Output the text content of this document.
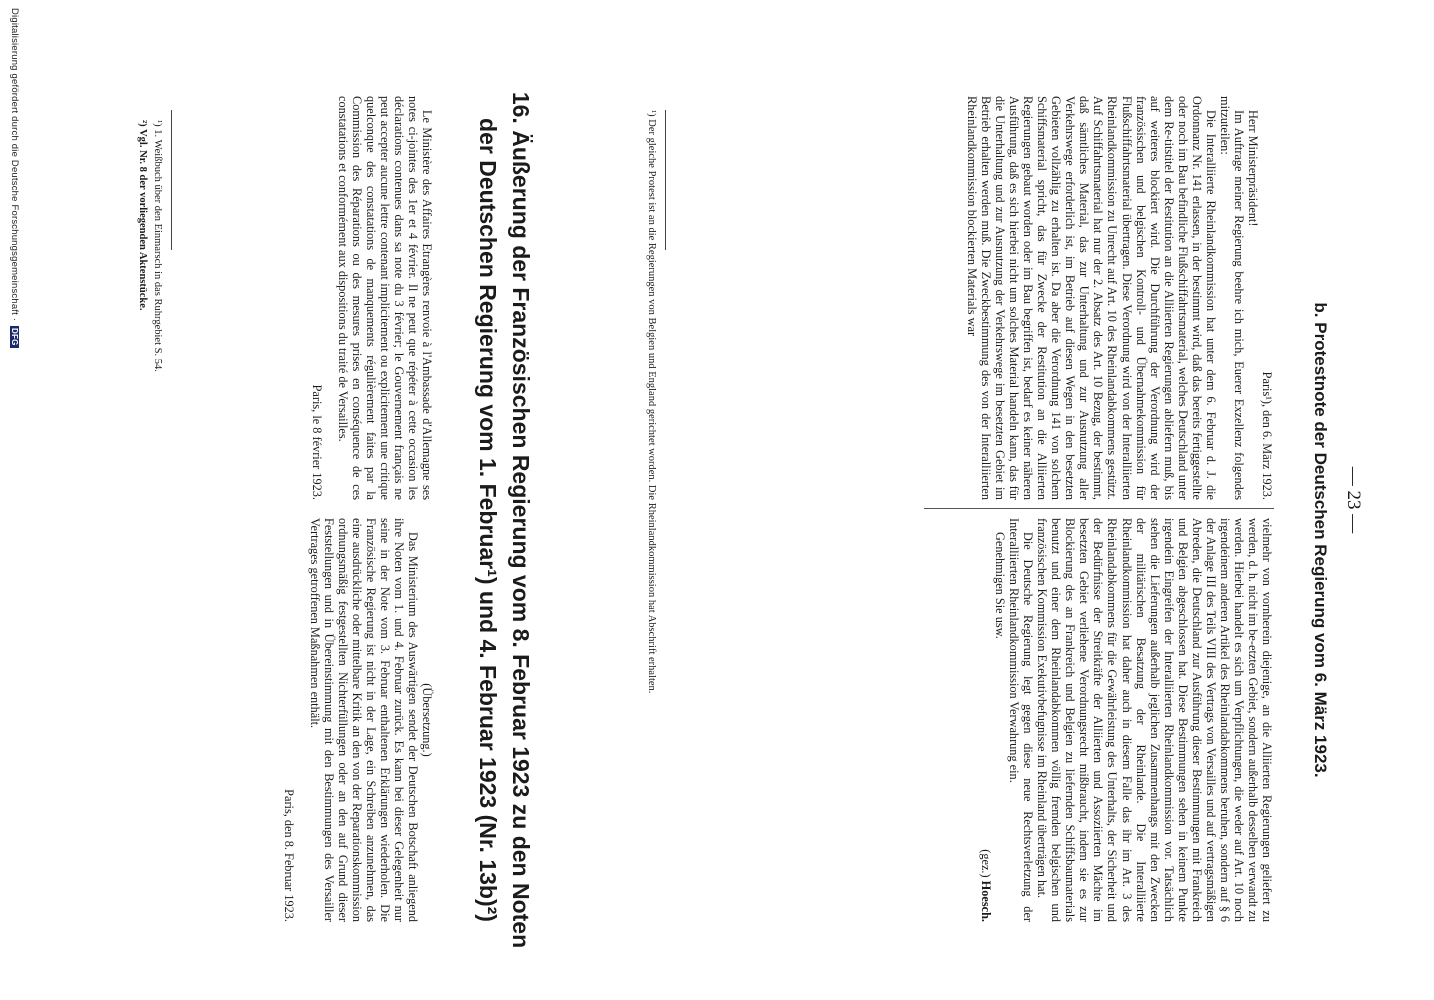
— 23 —
b. Protestnote der Deutschen Regierung vom 6. März 1923.

Paris¹), den 6. März 1923.

Herr Ministerpräsident!

Im Auftrage meiner Regierung beehre ich mich, Euerer Exzellenz folgendes mitzuteilen:

Die Interalliierte Rheinlandkommission hat unter dem 6. Februar d. J. die Ordonnanz Nr. 141 erlassen, in der bestimmt wird, daß das bereits fertiggestellte oder noch im Bau befindliche Flußschiffahrtsmaterial, welches Deutschland unter dem Re-titstitel der Restitution an die Alliierten Regierungen abliefern muß, bis auf weiteres blockiert wird. Die Durchführung der Verordnung wird der französischen und belgischen Kontroll- und Übernahmekommission für Flußschiffahrtsmaterial übertragen. Diese Verordnung wird von der Interalliierten Rheinlandkommission zu Unrecht auf Art. 10 des Rheinlandabkommens gestützt. Auf Schiffahrtsmaterial hat nur der 2. Absatz des Art. 10 Bezug, der bestimmt, daß sämtliches Material, das zur Unterhaltung und zur Ausnutzung aller Verkehrswege erforderlich ist, im Betrieb auf diesen Wegen in den besetzten Gebieten vollzählig zu erhalten ist. Da aber die Verordnung 141 von solchem Schiffsmaterial spricht, das für Zwecke der Restitution an die Alliierten Regierungen gebaut worden oder im Bau begriffen ist, bedarf es keiner näheren Ausführung, daß es sich hierbei nicht um solches Material handeln kann, das für die Unterhaltung und zur Ausnutzung der Verkehrswege im besetzten Gebiet im Betrieb erhalten werden muß. Die Zweckbestimmung des von der Interalliierten Rheinlandkommission blockierten Materials war

vielmehr von vornherein diejenige, an die Alliierten Regierungen geliefert zu werden, d. h. nicht im be-etzten Gebiet, sondern außerhalb desselben verwandt zu werden. Hierbei handelt es sich um Verpflichtungen, die weder auf Art. 10 noch irgendeinem anderen Artikel des Rheinlandabkommens beruhen, sondern auf § 6 der Anlage III des Teils VIII des Vertrags von Versailles und auf vertragsmäßigen Abreden, die Deutschland zur Ausführung dieser Bestimmungen mit Frankreich und Belgien abgeschlossen hat. Diese Bestimmungen sehen in keinem Punkte irgendein Eingreifen der Interalliierten Rheinlandkommission vor. Tatsächlich stehen die Lieferungen außerhalb jeglichen Zusammenhangs mit den Zwecken der militärischen Besatzung der Rheinlande. Die Interalliierte Rheinlandkommission hat daher auch in diesem Falle das ihr im Art. 3 des Rheinlandabkommens für die Gewährleistung des Unterhalts, der Sicherheit und der Bedürfnisse der Streitkräfte der Alliierten und Assoziierten Mächte im besetzten Gebiet verliehene Verordnungsrecht mißbraucht, indem sie es zur Blockierung des an Frankreich und Belgien zu liefernden Schiffsbaumaterials benutzt und einer dem Rheinlandabkommen völlig fremden belgischen und französischen Kommission Exekutivbefugnisse im Rheinland überträgen hat.

Die Deutsche Regierung legt gegen diese neue Rechtsverletzung der Interalliierten Rheinlandkommission Verwahrung ein.

Genehmigen Sie usw.

(gez.) Hoesch.

¹) Der gleiche Protest ist an die Regierungen von Belgien und England gerichtet worden. Die Rheinlandkommission hat Abschrift erhalten.
16. Äußerung der Französischen Regierung vom 8. Februar 1923 zu den Noten
der Deutschen Regierung vom 1. Februar¹) und 4. Februar 1923 (Nr. 13b)²)

Le Ministère des Affaires Etrangères renvoie à l'Ambassade d'Allemagne ses notes ci-jointes des 1er et 4 février. Il ne peut que répéter à cette occasion les déclarations contenues dans sa note du 3 février; le Gouvernement français ne peut accepter aucune lettre contenant implicitement ou explicitement une critique quelconque des constatations de manquements régulièrement faites par la Commission des Réparations ou des mesures prises en conséquence de ces constatations et conformément aux dispositions du traité de Versailles.

Paris, le 8 février 1923.

(Übersetzung.)

Das Ministerium des Auswärtigen sendet der Deutschen Botschaft anliegend ihre Noten vom 1. und 4. Februar zurück. Es kann bei dieser Gelegenheit nur seine in der Note vom 3. Februar enthaltenen Erklärungen wiederholen. Die Französische Regierung ist nicht in der Lage, ein Schreiben anzunehmen, das eine ausdrückliche oder mittelbare Kritik an den von der Reparationskommission ordnungsmäßig festgestellten Nichterfüllungen oder an den auf Grund dieser Feststellungen und in Übereinstimmung mit den Bestimmungen des Versailler Vertrages getroffenen Maßnahmen enthält.

Paris, den 8. Februar 1923.

¹) 1. Weißbuch über den Einmarsch in das Ruhrgebiet S. 54.
²) Vgl. Nr. 8 der vorliegenden Aktenstücke.
Digitalisierung gefördert durch die Deutsche Forschungsgemeinschaft · DFG
